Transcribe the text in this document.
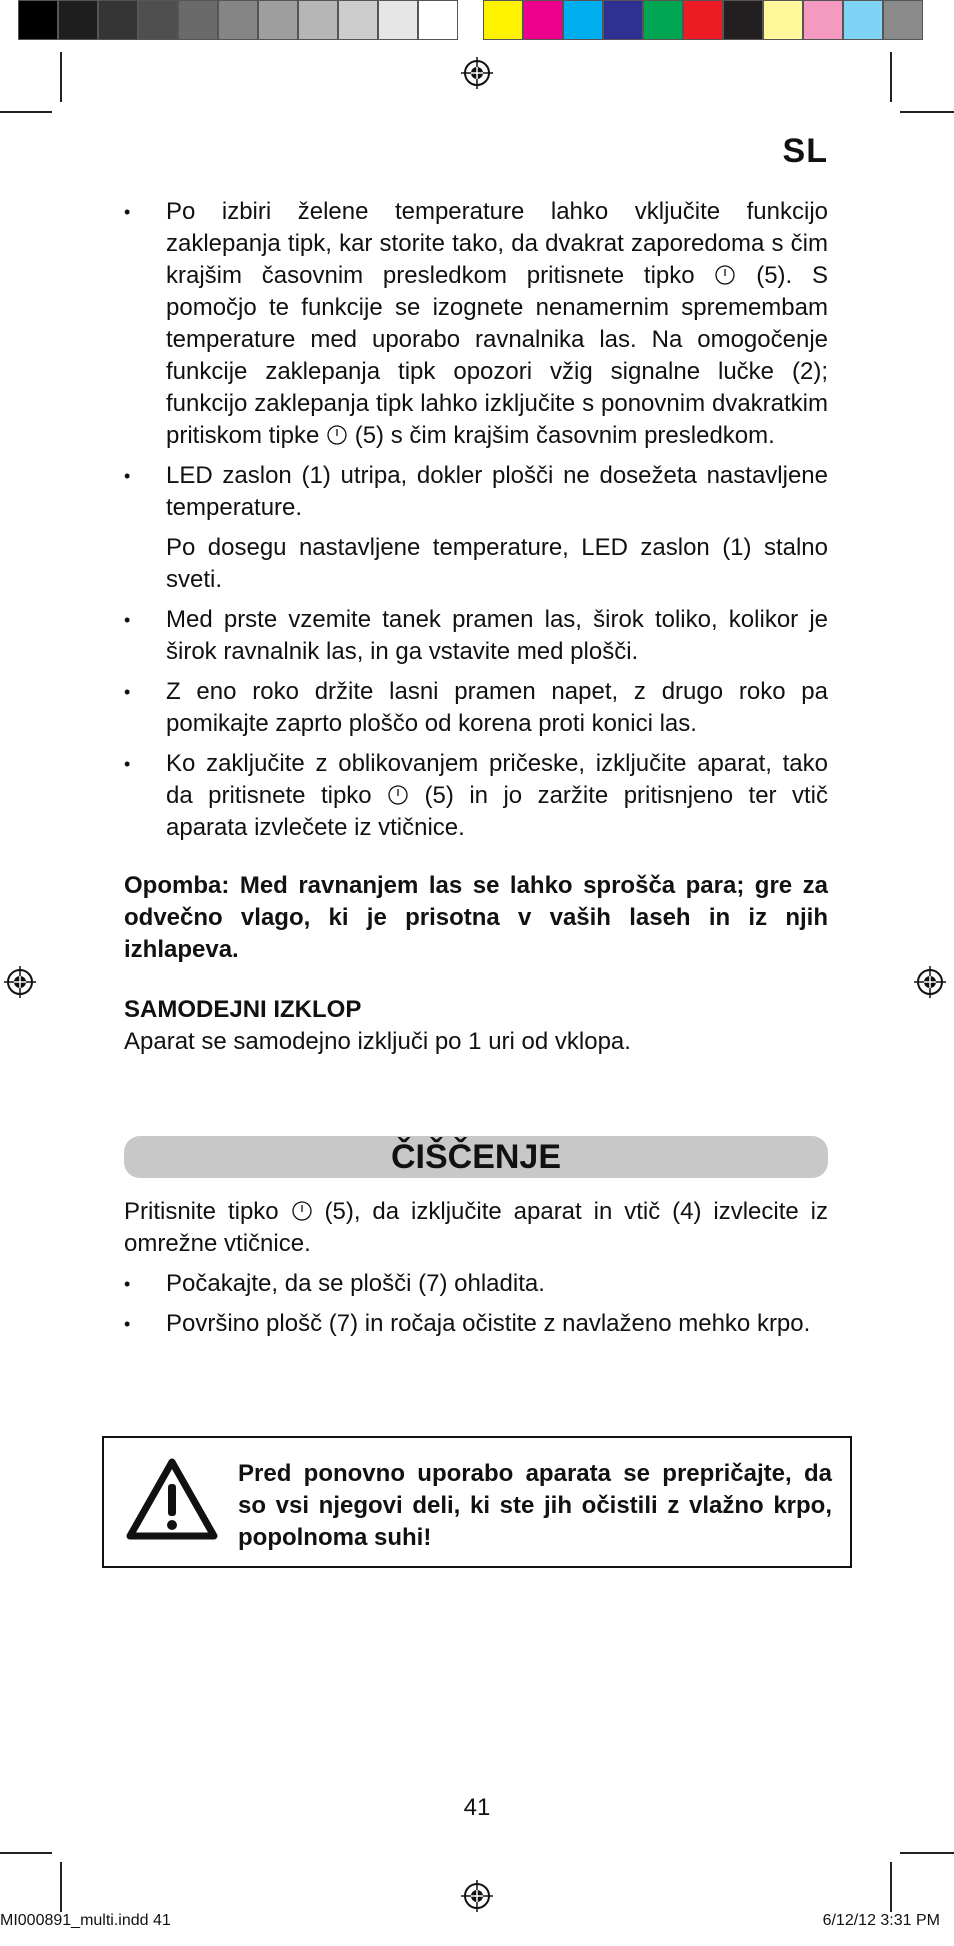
SL

• Po izbiri želene temperature lahko vključite funkcijo zaklepanja tipk, kar storite tako, da dvakrat zaporedoma s čim krajšim časovnim presledkom pritisnete tipko  (5). S pomočjo te funkcije se izognete nenamernim spremembam temperature med uporabo ravnalnika las. Na omogočenje funkcije zaklepanja tipk opozori vžig signalne lučke (2); funkcijo zaklepanja tipk lahko izključite s ponovnim dvakratkim pritiskom tipke  (5) s čim krajšim časovnim presledkom.

• LED zaslon (1) utripa, dokler plošči ne dosežeta nastavljene temperature.

Po dosegu nastavljene temperature, LED zaslon (1) stalno sveti.

• Med prste vzemite tanek pramen las, širok toliko, kolikor je širok ravnalnik las, in ga vstavite med plošči.

• Z eno roko držite lasni pramen napet, z drugo roko pa pomikajte zaprto ploščo od korena proti konici las.

• Ko zaključite z oblikovanjem pričeske, izključite aparat, tako da pritisnete tipko  (5) in jo zaržite pritisnjeno ter vtič aparata izvlečete iz vtičnice.

Opomba: Med ravnanjem las se lahko sprošča para; gre za odvečno vlago, ki je prisotna v vaših laseh in iz njih izhlapeva.

SAMODEJNI IZKLOP

Aparat se samodejno izključi po 1 uri od vklopa.

ČIŠČENJE

Pritisnite tipko  (5), da izključite aparat in vtič (4) izvlecite iz omrežne vtičnice.

• Počakajte, da se plošči (7) ohladita.

• Površino plošč (7) in ročaja očistite z navlaženo mehko krpo.

Pred ponovno uporabo aparata se prepričajte, da so vsi njegovi deli, ki ste jih očistili z vlažno krpo, popolnoma suhi!
41
MI000891_multi.indd 41	6/12/12 3:31 PM
